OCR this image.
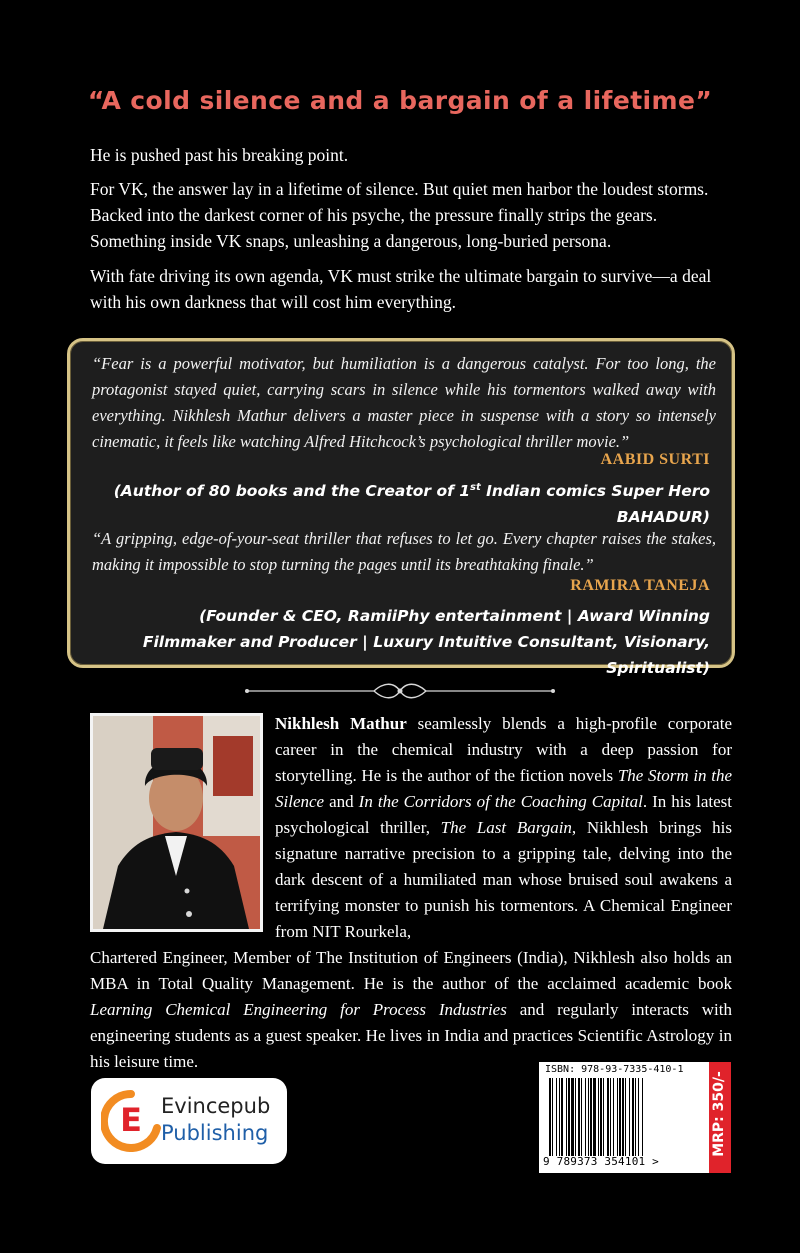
“A cold silence and a bargain of a lifetime”

He is pushed past his breaking point.

For VK, the answer lay in a lifetime of silence. But quiet men harbor the loudest storms. Backed into the darkest corner of his psyche, the pressure finally strips the gears. Something inside VK snaps, unleashing a dangerous, long-buried persona.

With fate driving its own agenda, VK must strike the ultimate bargain to survive—a deal with his own darkness that will cost him everything.

“Fear is a powerful motivator, but humiliation is a dangerous catalyst. For too long, the protagonist stayed quiet, carrying scars in silence while his tormentors walked away with everything. Nikhlesh Mathur delivers a master piece in suspense with a story so intensely cinematic, it feels like watching Alfred Hitchcock’s psychological thriller movie.”
AABID SURTI
(Author of 80 books and the Creator of 1st Indian comics Super Hero BAHADUR)
“A gripping, edge-of-your-seat thriller that refuses to let go. Every chapter raises the stakes, making it impossible to stop turning the pages until its breathtaking finale.”
RAMIRA TANEJA
(Founder & CEO, RamiiPhy entertainment | Award Winning Filmmaker and Producer | Luxury Intuitive Consultant, Visionary, Spiritualist)
Nikhlesh Mathur seamlessly blends a high-profile corporate career in the chemical industry with a deep passion for storytelling. He is the author of the fiction novels The Storm in the Silence and In the Corridors of the Coaching Capital. In his latest psychological thriller, The Last Bargain, Nikhlesh brings his signature narrative precision to a gripping tale, delving into the dark descent of a humiliated man whose bruised soul awakens a terrifying monster to punish his tormentors. A Chemical Engineer from NIT Rourkela,
Chartered Engineer, Member of The Institution of Engineers (India), Nikhlesh also holds an MBA in Total Quality Management. He is the author of the acclaimed academic book Learning Chemical Engineering for Process Industries and regularly interacts with engineering students as a guest speaker. He lives in India and practices Scientific Astrology in his leisure time.
E Evincepub
Publishing
ISBN: 978-93-7335-410-1
9 789373 354101 >
MRP: 350/-
